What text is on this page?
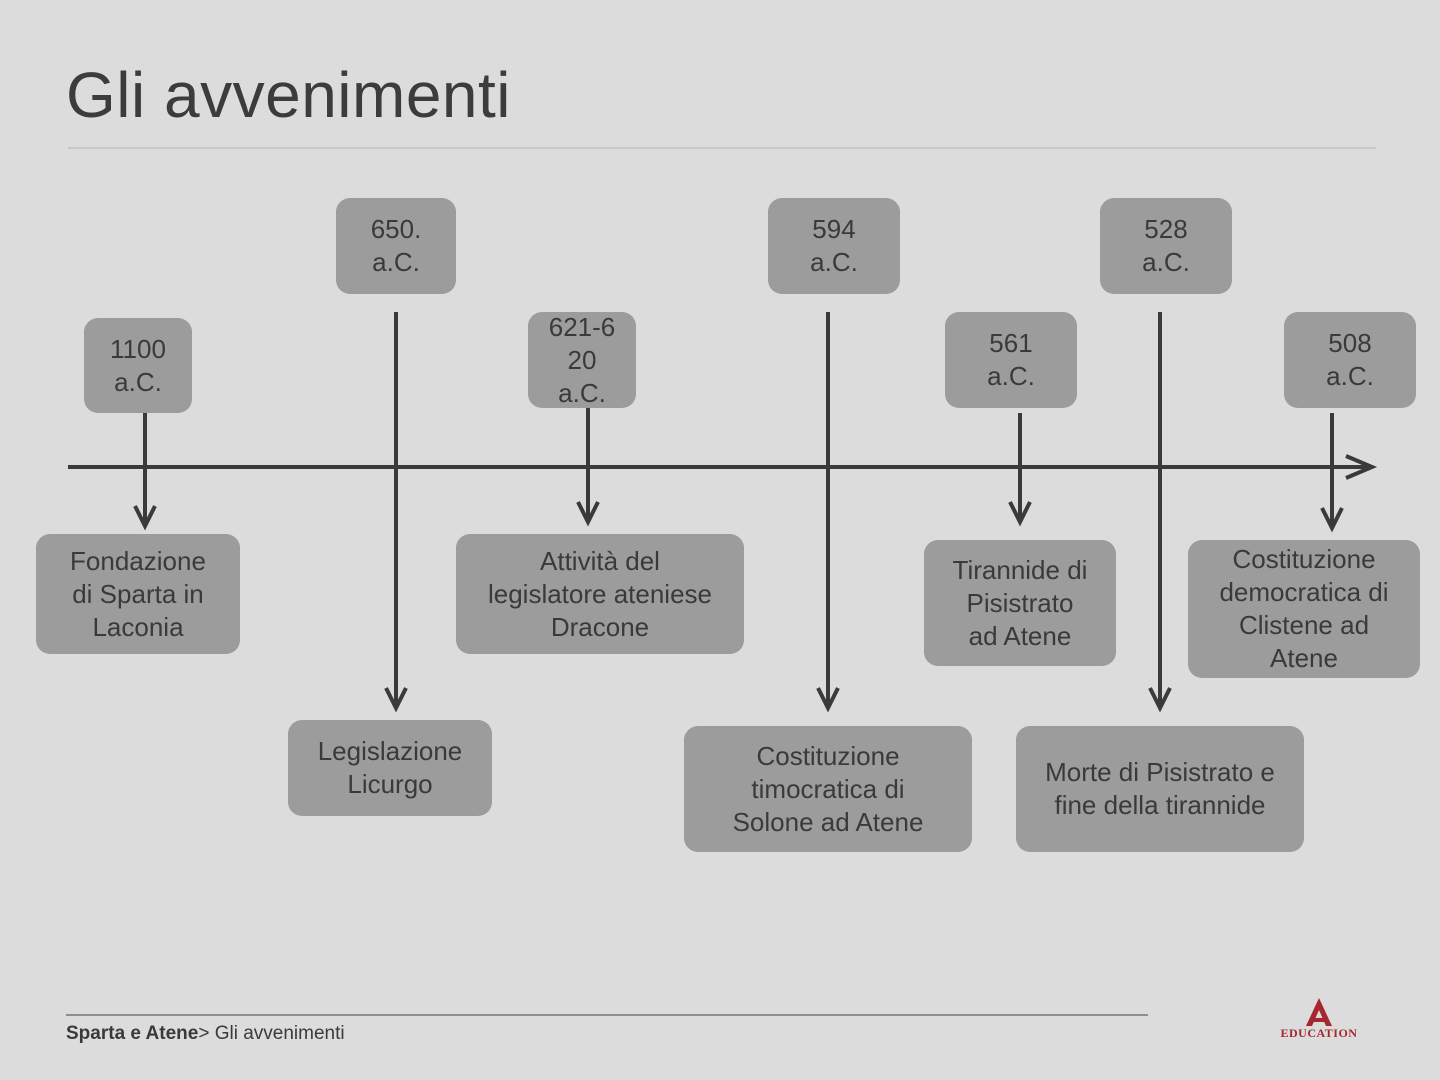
Gli avvenimenti
1100
a.C.
650.
a.C.
621-6
20
a.C.
594
a.C.
561
a.C.
528
a.C.
508
a.C.
Fondazione
di Sparta in
Laconia
Legislazione
Licurgo
Attività del
legislatore ateniese
Dracone
Costituzione
timocratica di
Solone ad Atene
Tirannide di
Pisistrato
ad Atene
Morte di Pisistrato e
fine della tirannide
Costituzione
democratica di
Clistene ad
Atene
Sparta e Atene> Gli avvenimenti	EDUCATION
